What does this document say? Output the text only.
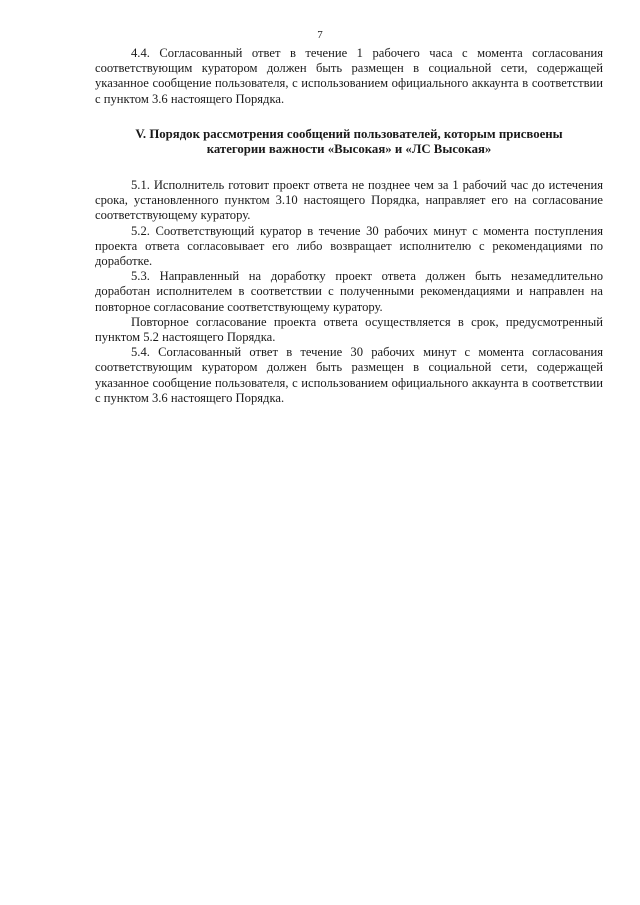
7

4.4. Согласованный ответ в течение 1 рабочего часа с момента согласования соответствующим куратором должен быть размещен в социальной сети, содержащей указанное сообщение пользователя, с использованием официального аккаунта в соответствии с пунктом 3.6 настоящего Порядка.

V. Порядок рассмотрения сообщений пользователей, которым присвоены
категории важности «Высокая» и «ЛС Высокая»

5.1. Исполнитель готовит проект ответа не позднее чем за 1 рабочий час до истечения срока, установленного пунктом 3.10 настоящего Порядка, направляет его на согласование соответствующему куратору.

5.2. Соответствующий куратор в течение 30 рабочих минут с момента поступления проекта ответа согласовывает его либо возвращает исполнителю с рекомендациями по доработке.

5.3. Направленный на доработку проект ответа должен быть незамедлительно доработан исполнителем в соответствии с полученными рекомендациями и направлен на повторное согласование соответствующему куратору.

Повторное согласование проекта ответа осуществляется в срок, предусмотренный пунктом 5.2 настоящего Порядка.

5.4. Согласованный ответ в течение 30 рабочих минут с момента согласования соответствующим куратором должен быть размещен в социальной сети, содержащей указанное сообщение пользователя, с использованием официального аккаунта в соответствии с пунктом 3.6 настоящего Порядка.
